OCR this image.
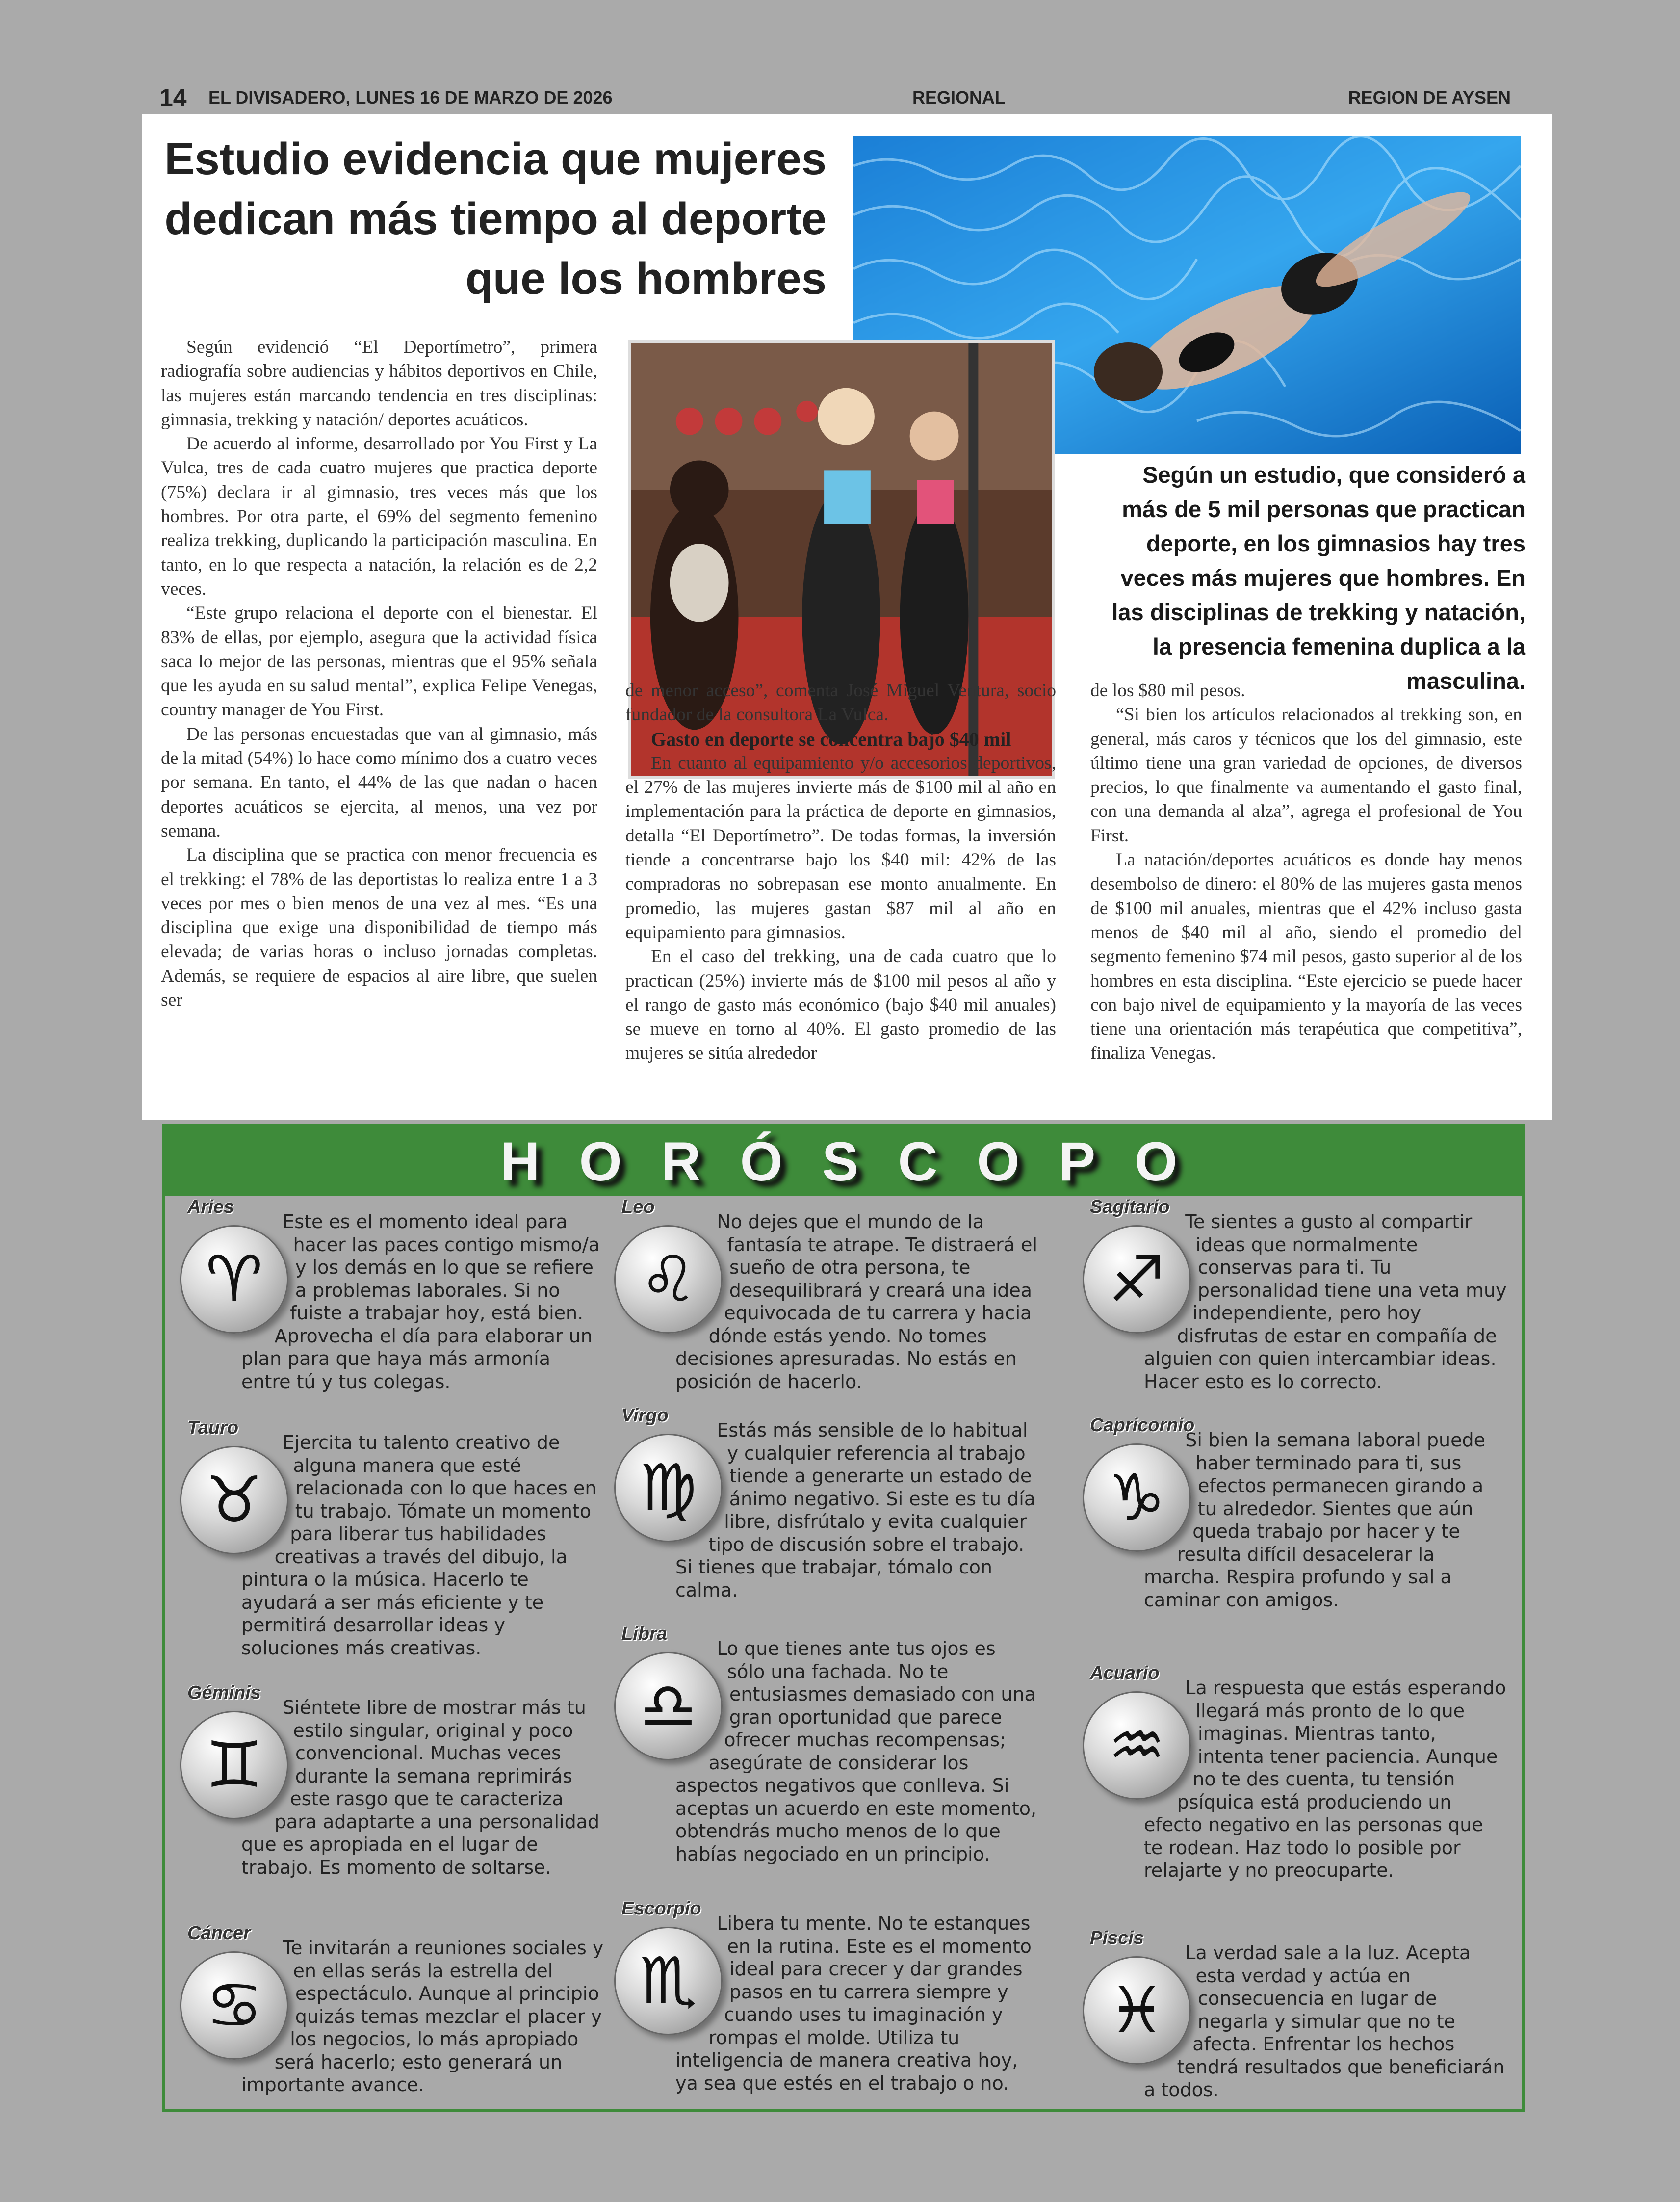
14 EL DIVISADERO, LUNES 16 DE MARZO DE 2026	REGIONAL	REGION DE AYSEN
Estudio evidencia que mujeres dedican más tiempo al deporte que los hombres

Según un estudio, que consideró a más de 5 mil personas que practican deporte, en los gimnasios hay tres veces más mujeres que hombres. En las disciplinas de trekking y natación, la presencia femenina duplica a la masculina.

Según evidenció “El Deportímetro”, primera radiografía sobre audiencias y hábitos deportivos en Chile, las mujeres están marcando tendencia en tres disciplinas: gimnasia, trekking y natación/ deportes acuáticos.

De acuerdo al informe, desarrollado por You First y La Vulca, tres de cada cuatro mujeres que practica deporte (75%) declara ir al gimnasio, tres veces más que los hombres. Por otra parte, el 69% del segmento femenino realiza trekking, duplicando la participación masculina. En tanto, en lo que respecta a natación, la relación es de 2,2 veces.

“Este grupo relaciona el deporte con el bienestar. El 83% de ellas, por ejemplo, asegura que la actividad física saca lo mejor de las personas, mientras que el 95% señala que les ayuda en su salud mental”, explica Felipe Venegas, country manager de You First.

De las personas encuestadas que van al gimnasio, más de la mitad (54%) lo hace como mínimo dos a cuatro veces por semana. En tanto, el 44% de las que nadan o hacen deportes acuáticos se ejercita, al menos, una vez por semana.

La disciplina que se practica con menor frecuencia es el trekking: el 78% de las deportistas lo realiza entre 1 a 3 veces por mes o bien menos de una vez al mes. “Es una disciplina que exige una disponibilidad de tiempo más elevada; de varias horas o incluso jornadas completas. Además, se requiere de espacios al aire libre, que suelen ser

de menor acceso”, comenta José Miguel Ventura, socio fundador de la consultora La Vulca.

Gasto en deporte se concentra bajo $40 mil

En cuanto al equipamiento y/o accesorios deportivos, el 27% de las mujeres invierte más de $100 mil al año en implementación para la práctica de deporte en gimnasios, detalla “El Deportímetro”. De todas formas, la inversión tiende a concentrarse bajo los $40 mil: 42% de las compradoras no sobrepasan ese monto anualmente. En promedio, las mujeres gastan $87 mil al año en equipamiento para gimnasios.

En el caso del trekking, una de cada cuatro que lo practican (25%) invierte más de $100 mil pesos al año y el rango de gasto más económico (bajo $40 mil anuales) se mueve en torno al 40%. El gasto promedio de las mujeres se sitúa alrededor

de los $80 mil pesos.

“Si bien los artículos relacionados al trekking son, en general, más caros y técnicos que los del gimnasio, este último tiene una gran variedad de opciones, de diversos precios, lo que finalmente va aumentando el gasto final, con una demanda al alza”, agrega el profesional de You First.

La natación/deportes acuáticos es donde hay menos desembolso de dinero: el 80% de las mujeres gasta menos de $100 mil anuales, mientras que el 42% incluso gasta menos de $40 mil al año, siendo el promedio del segmento femenino $74 mil pesos, gasto superior al de los hombres en esta disciplina. “Este ejercicio se puede hacer con bajo nivel de equipamiento y la mayoría de las veces tiene una orientación más terapéutica que competitiva”, finaliza Venegas.

H O R Ó S C O P O
Aries
♈

Este es el momento ideal para hacer las paces contigo mismo/a y los demás en lo que se refiere a problemas laborales. Si no fuiste a trabajar hoy, está bien. Aprovecha el día para elaborar un plan para que haya más armonía entre tú y tus colegas.

Tauro
♉

Ejercita tu talento creativo de alguna manera que esté relacionada con lo que haces en tu trabajo. Tómate un momento para liberar tus habilidades creativas a través del dibujo, la pintura o la música. Hacerlo te ayudará a ser más eficiente y te permitirá desarrollar ideas y soluciones más creativas.

Géminis
♊

Siéntete libre de mostrar más tu estilo singular, original y poco convencional. Muchas veces durante la semana reprimirás este rasgo que te caracteriza para adaptarte a una personalidad que es apropiada en el lugar de trabajo. Es momento de soltarse.

Cáncer
♋

Te invitarán a reuniones sociales y en ellas serás la estrella del espectáculo. Aunque al principio quizás temas mezclar el placer y los negocios, lo más apropiado será hacerlo; esto generará un importante avance.

Leo
♌

No dejes que el mundo de la fantasía te atrape. Te distraerá el sueño de otra persona, te desequilibrará y creará una idea equivocada de tu carrera y hacia dónde estás yendo. No tomes decisiones apresuradas. No estás en posición de hacerlo.

Virgo
♍

Estás más sensible de lo habitual y cualquier referencia al trabajo tiende a generarte un estado de ánimo negativo. Si este es tu día libre, disfrútalo y evita cualquier tipo de discusión sobre el trabajo. Si tienes que trabajar, tómalo con calma.

Libra
♎

Lo que tienes ante tus ojos es sólo una fachada. No te entusiasmes demasiado con una gran oportunidad que parece ofrecer muchas recompensas; asegúrate de considerar los aspectos negativos que conlleva. Si aceptas un acuerdo en este momento, obtendrás mucho menos de lo que habías negociado en un principio.

Escorpio
♏

Libera tu mente. No te estanques en la rutina. Este es el momento ideal para crecer y dar grandes pasos en tu carrera siempre y cuando uses tu imaginación y rompas el molde. Utiliza tu inteligencia de manera creativa hoy, ya sea que estés en el trabajo o no.

Sagitario
♐

Te sientes a gusto al compartir ideas que normalmente conservas para ti. Tu personalidad tiene una veta muy independiente, pero hoy disfrutas de estar en compañía de alguien con quien intercambiar ideas. Hacer esto es lo correcto.

Capricornio
♑

Si bien la semana laboral puede haber terminado para ti, sus efectos permanecen girando a tu alrededor. Sientes que aún queda trabajo por hacer y te resulta difícil desacelerar la marcha. Respira profundo y sal a caminar con amigos.

Acuario
♒

La respuesta que estás esperando llegará más pronto de lo que imaginas. Mientras tanto, intenta tener paciencia. Aunque no te des cuenta, tu tensión psíquica está produciendo un efecto negativo en las personas que te rodean. Haz todo lo posible por relajarte y no preocuparte.

Piscis
♓

La verdad sale a la luz. Acepta esta verdad y actúa en consecuencia en lugar de negarla y simular que no te afecta. Enfrentar los hechos tendrá resultados que beneficiarán a todos.
